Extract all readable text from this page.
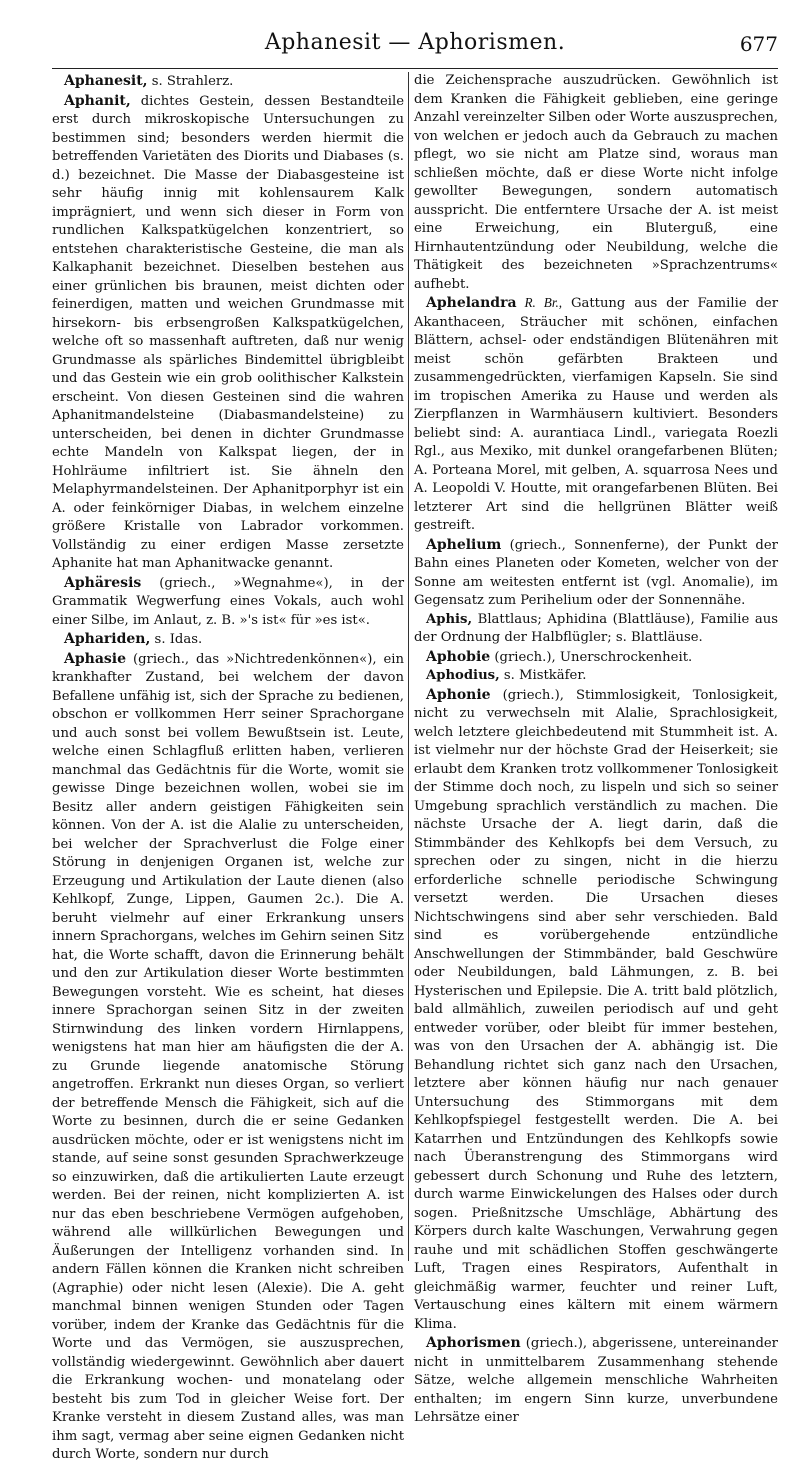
Aphanesit — Aphorismen.	677

Aphanesit, s. Strahlerz.

Aphanit, dichtes Gestein, dessen Bestandteile erst durch mikroskopische Untersuchungen zu bestimmen sind; besonders werden hiermit die betreffenden Varietäten des Diorits und Diabases (s. d.) bezeichnet. Die Masse der Diabasgesteine ist sehr häufig innig mit kohlensaurem Kalk imprägniert, und wenn sich dieser in Form von rundlichen Kalkspatkügelchen konzentriert, so entstehen charakteristische Gesteine, die man als Kalkaphanit bezeichnet. Dieselben bestehen aus einer grünlichen bis braunen, meist dichten oder feinerdigen, matten und weichen Grundmasse mit hirsekorn- bis erbsengroßen Kalkspatkügelchen, welche oft so massenhaft auftreten, daß nur wenig Grundmasse als spärliches Bindemittel übrigbleibt und das Gestein wie ein grob oolithischer Kalkstein erscheint. Von diesen Gesteinen sind die wahren Aphanitmandelsteine (Diabasmandelsteine) zu unterscheiden, bei denen in dichter Grundmasse echte Mandeln von Kalkspat liegen, der in Hohlräume infiltriert ist. Sie ähneln den Melaphyrmandelsteinen. Der Aphanitporphyr ist ein A. oder feinkörniger Diabas, in welchem einzelne größere Kristalle von Labrador vorkommen. Vollständig zu einer erdigen Masse zersetzte Aphanite hat man Aphanitwacke genannt.

Aphäresis (griech., »Wegnahme«), in der Grammatik Wegwerfung eines Vokals, auch wohl einer Silbe, im Anlaut, z. B. »'s ist« für »es ist«.

Aphariden, s. Idas.

Aphasie (griech., das »Nichtredenkönnen«), ein krankhafter Zustand, bei welchem der davon Befallene unfähig ist, sich der Sprache zu bedienen, obschon er vollkommen Herr seiner Sprachorgane und auch sonst bei vollem Bewußtsein ist. Leute, welche einen Schlagfluß erlitten haben, verlieren manchmal das Gedächtnis für die Worte, womit sie gewisse Dinge bezeichnen wollen, wobei sie im Besitz aller andern geistigen Fähigkeiten sein können. Von der A. ist die Alalie zu unterscheiden, bei welcher der Sprachverlust die Folge einer Störung in denjenigen Organen ist, welche zur Erzeugung und Artikulation der Laute dienen (also Kehlkopf, Zunge, Lippen, Gaumen 2c.). Die A. beruht vielmehr auf einer Erkrankung unsers innern Sprachorgans, welches im Gehirn seinen Sitz hat, die Worte schafft, davon die Erinnerung behält und den zur Artikulation dieser Worte bestimmten Bewegungen vorsteht. Wie es scheint, hat dieses innere Sprachorgan seinen Sitz in der zweiten Stirnwindung des linken vordern Hirnlappens, wenigstens hat man hier am häufigsten die der A. zu Grunde liegende anatomische Störung angetroffen. Erkrankt nun dieses Organ, so verliert der betreffende Mensch die Fähigkeit, sich auf die Worte zu besinnen, durch die er seine Gedanken ausdrücken möchte, oder er ist wenigstens nicht im stande, auf seine sonst gesunden Sprachwerkzeuge so einzuwirken, daß die artikulierten Laute erzeugt werden. Bei der reinen, nicht komplizierten A. ist nur das eben beschriebene Vermögen aufgehoben, während alle willkürlichen Bewegungen und Äußerungen der Intelligenz vorhanden sind. In andern Fällen können die Kranken nicht schreiben (Agraphie) oder nicht lesen (Alexie). Die A. geht manchmal binnen wenigen Stunden oder Tagen vorüber, indem der Kranke das Gedächtnis für die Worte und das Vermögen, sie auszusprechen, vollständig wiedergewinnt. Gewöhnlich aber dauert die Erkrankung wochen- und monatelang oder besteht bis zum Tod in gleicher Weise fort. Der Kranke versteht in diesem Zustand alles, was man ihm sagt, vermag aber seine eignen Gedanken nicht durch Worte, sondern nur durch

die Zeichensprache auszudrücken. Gewöhnlich ist dem Kranken die Fähigkeit geblieben, eine geringe Anzahl vereinzelter Silben oder Worte auszusprechen, von welchen er jedoch auch da Gebrauch zu machen pflegt, wo sie nicht am Platze sind, woraus man schließen möchte, daß er diese Worte nicht infolge gewollter Bewegungen, sondern automatisch ausspricht. Die entferntere Ursache der A. ist meist eine Erweichung, ein Bluterguß, eine Hirnhautentzündung oder Neubildung, welche die Thätigkeit des bezeichneten »Sprachzentrums« aufhebt.

Aphelandra R. Br., Gattung aus der Familie der Akanthaceen, Sträucher mit schönen, einfachen Blättern, achsel- oder endständigen Blütenähren mit meist schön gefärbten Brakteen und zusammengedrückten, vierfamigen Kapseln. Sie sind im tropischen Amerika zu Hause und werden als Zierpflanzen in Warmhäusern kultiviert. Besonders beliebt sind: A. aurantiaca Lindl., variegata Roezli Rgl., aus Mexiko, mit dunkel orangefarbenen Blüten; A. Porteana Morel, mit gelben, A. squarrosa Nees und A. Leopoldi V. Houtte, mit orangefarbenen Blüten. Bei letzterer Art sind die hellgrünen Blätter weiß gestreift.

Aphelium (griech., Sonnenferne), der Punkt der Bahn eines Planeten oder Kometen, welcher von der Sonne am weitesten entfernt ist (vgl. Anomalie), im Gegensatz zum Perihelium oder der Sonnennähe.

Aphis, Blattlaus; Aphidina (Blattläuse), Familie aus der Ordnung der Halbflügler; s. Blattläuse.

Aphobie (griech.), Unerschrockenheit.

Aphodius, s. Mistkäfer.

Aphonie (griech.), Stimmlosigkeit, Tonlosigkeit, nicht zu verwechseln mit Alalie, Sprachlosigkeit, welch letztere gleichbedeutend mit Stummheit ist. A. ist vielmehr nur der höchste Grad der Heiserkeit; sie erlaubt dem Kranken trotz vollkommener Tonlosigkeit der Stimme doch noch, zu lispeln und sich so seiner Umgebung sprachlich verständlich zu machen. Die nächste Ursache der A. liegt darin, daß die Stimmbänder des Kehlkopfs bei dem Versuch, zu sprechen oder zu singen, nicht in die hierzu erforderliche schnelle periodische Schwingung versetzt werden. Die Ursachen dieses Nichtschwingens sind aber sehr verschieden. Bald sind es vorübergehende entzündliche Anschwellungen der Stimmbänder, bald Geschwüre oder Neubildungen, bald Lähmungen, z. B. bei Hysterischen und Epilepsie. Die A. tritt bald plötzlich, bald allmählich, zuweilen periodisch auf und geht entweder vorüber, oder bleibt für immer bestehen, was von den Ursachen der A. abhängig ist. Die Behandlung richtet sich ganz nach den Ursachen, letztere aber können häufig nur nach genauer Untersuchung des Stimmorgans mit dem Kehlkopfspiegel festgestellt werden. Die A. bei Katarrhen und Entzündungen des Kehlkopfs sowie nach Überanstrengung des Stimmorgans wird gebessert durch Schonung und Ruhe des letztern, durch warme Einwickelungen des Halses oder durch sogen. Prießnitzsche Umschläge, Abhärtung des Körpers durch kalte Waschungen, Verwahrung gegen rauhe und mit schädlichen Stoffen geschwängerte Luft, Tragen eines Respirators, Aufenthalt in gleichmäßig warmer, feuchter und reiner Luft, Vertauschung eines kältern mit einem wärmern Klima.

Aphorismen (griech.), abgerissene, untereinander nicht in unmittelbarem Zusammenhang stehende Sätze, welche allgemein menschliche Wahrheiten enthalten; im engern Sinn kurze, unverbundene Lehrsätze einer
